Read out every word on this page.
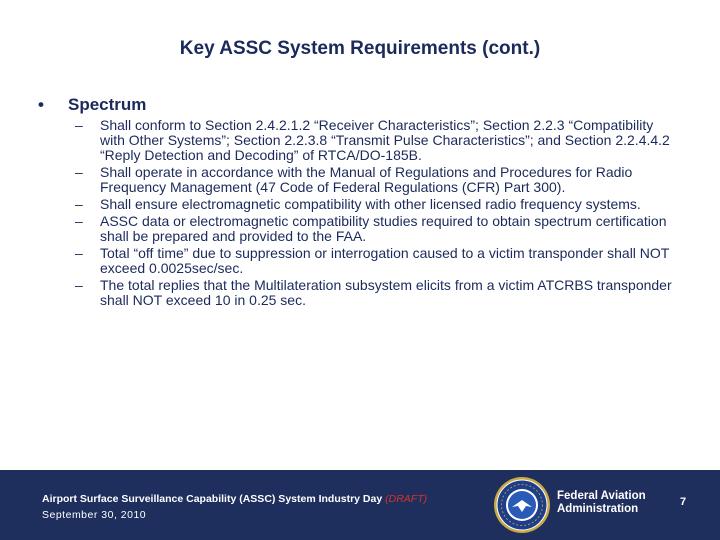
Key ASSC System Requirements (cont.)
• Spectrum
– Shall conform to Section 2.4.2.1.2 “Receiver Characteristics”; Section 2.2.3 “Compatibility with Other Systems”; Section 2.2.3.8 “Transmit Pulse Characteristics”; and Section 2.2.4.4.2 “Reply Detection and Decoding” of RTCA/DO-185B.
– Shall operate in accordance with the Manual of Regulations and Procedures for Radio Frequency Management (47 Code of Federal Regulations (CFR) Part 300).
– Shall ensure electromagnetic compatibility with other licensed radio frequency systems.
– ASSC data or electromagnetic compatibility studies required to obtain spectrum certification shall be prepared and provided to the FAA.
– Total “off time” due to suppression or interrogation caused to a victim transponder shall NOT exceed 0.0025sec/sec.
– The total replies that the Multilateration subsystem elicits from a victim ATCRBS transponder shall NOT exceed 10 in 0.25 sec.
Airport Surface Surveillance Capability (ASSC) System Industry Day (DRAFT)
September 30, 2010
Federal Aviation
Administration
7
